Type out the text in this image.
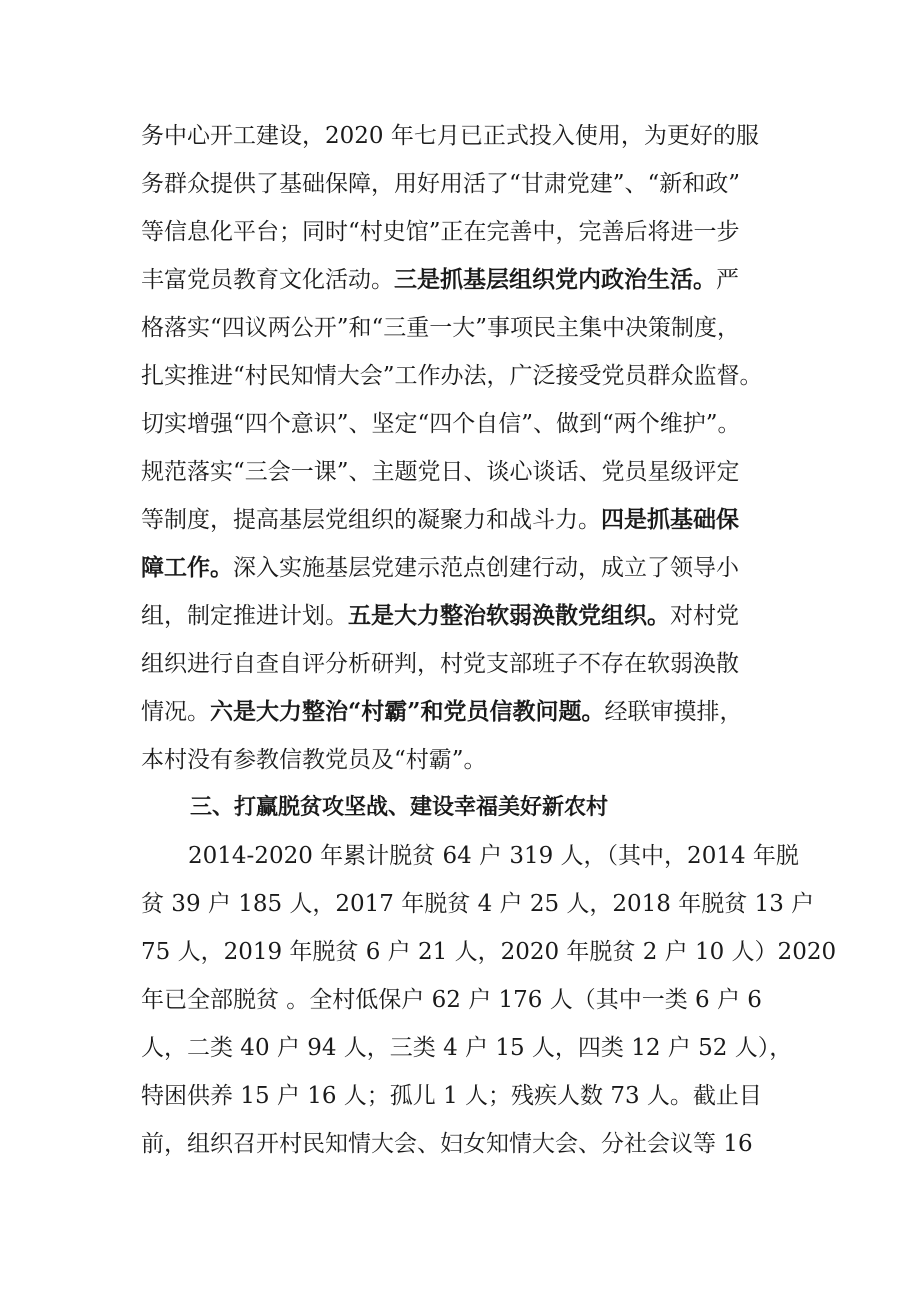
务中心开工建设，2020 年七月已正式投入使用，为更好的服
务群众提供了基础保障，用好用活了“甘肃党建”、“新和政”
等信息化平台；同时“村史馆”正在完善中，完善后将进一步
丰富党员教育文化活动。三是抓基层组织党内政治生活。严
格落实“四议两公开”和“三重一大”事项民主集中决策制度，
扎实推进“村民知情大会”工作办法，广泛接受党员群众监督。
切实增强“四个意识”、坚定“四个自信”、做到“两个维护”。
规范落实“三会一课”、主题党日、谈心谈话、党员星级评定
等制度，提高基层党组织的凝聚力和战斗力。四是抓基础保
障工作。深入实施基层党建示范点创建行动，成立了领导小
组，制定推进计划。五是大力整治软弱涣散党组织。对村党
组织进行自查自评分析研判，村党支部班子不存在软弱涣散
情况。六是大力整治“村霸”和党员信教问题。经联审摸排，
本村没有参教信教党员及“村霸”。
三、打赢脱贫攻坚战、建设幸福美好新农村
2014-2020 年累计脱贫 64 户 319 人，（其中，2014 年脱
贫 39 户 185 人，2017 年脱贫 4 户 25 人，2018 年脱贫 13 户
75 人，2019 年脱贫 6 户 21 人，2020 年脱贫 2 户 10 人）2020
年已全部脱贫 。全村低保户 62 户 176 人（其中一类 6 户 6
人，二类 40 户 94 人，三类 4 户 15 人，四类 12 户 52 人），
特困供养 15 户 16 人；孤儿 1 人；残疾人数 73 人。截止目
前，组织召开村民知情大会、妇女知情大会、分社会议等 16
